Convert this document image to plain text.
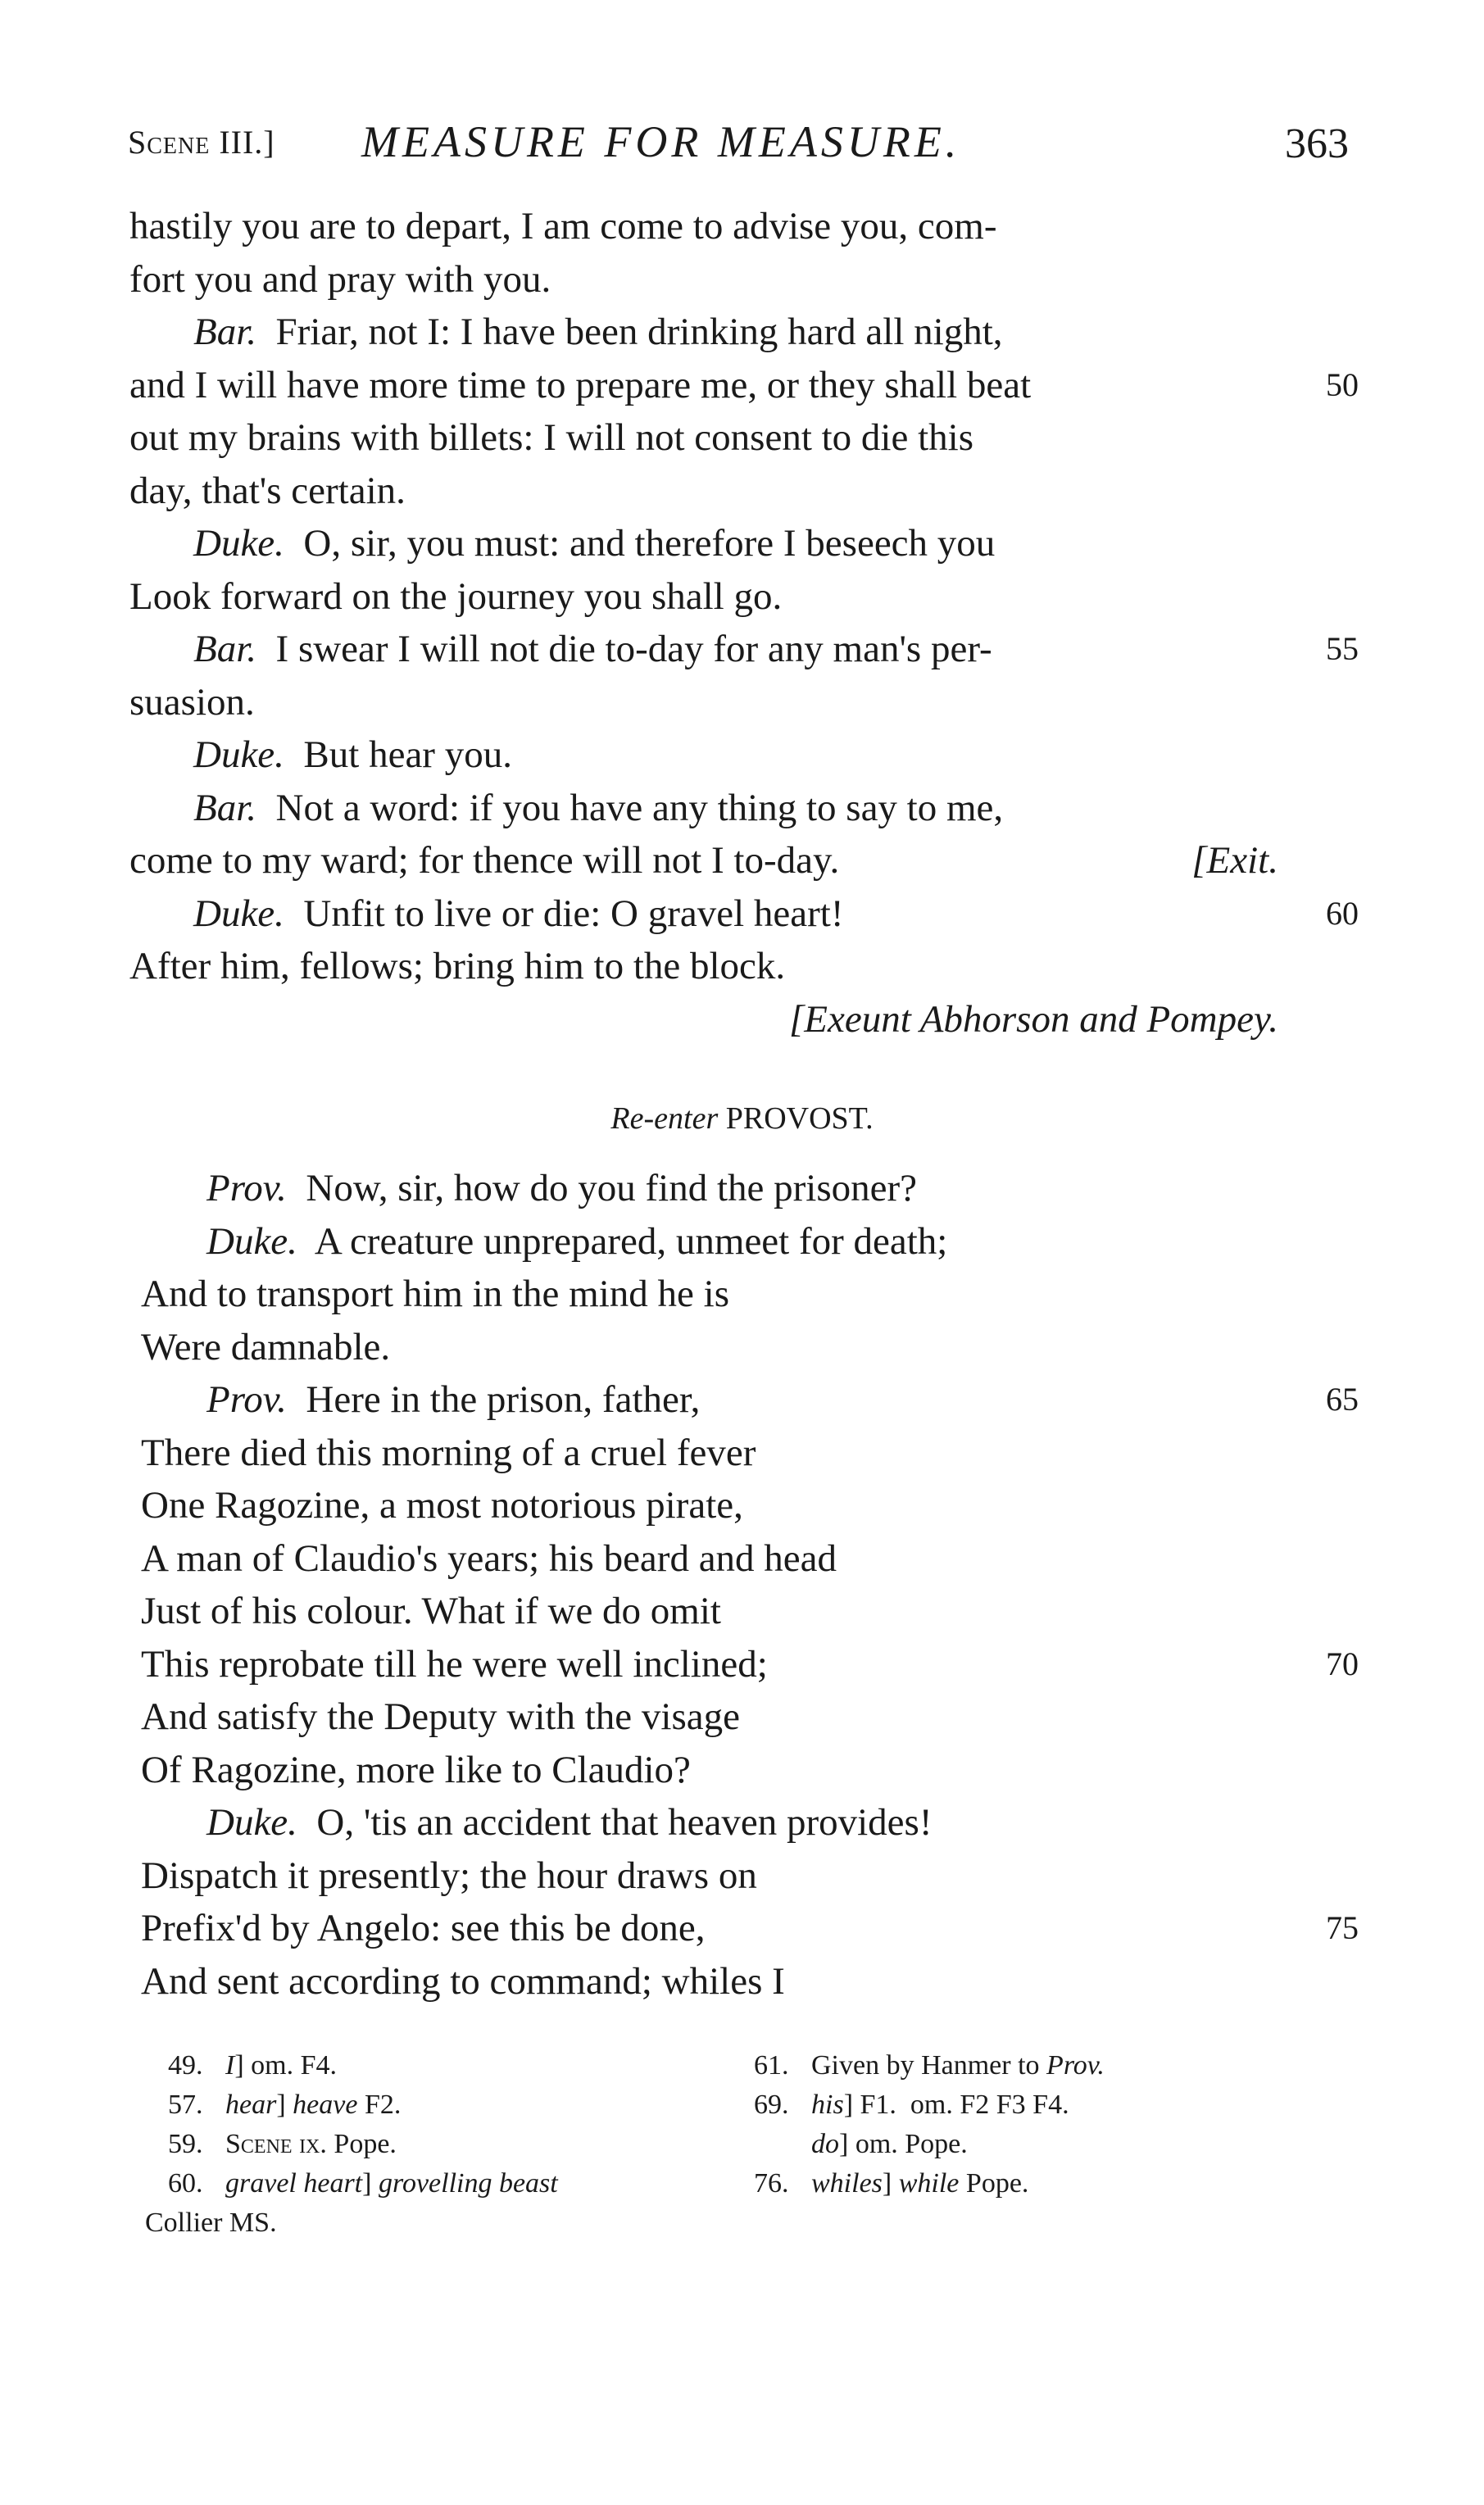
Scene III.] MEASURE FOR MEASURE.	363
hastily you are to depart, I am come to advise you, com-
fort you and pray with you.
Bar. Friar, not I: I have been drinking hard all night,
and I will have more time to prepare me, or they shall beat	50
out my brains with billets: I will not consent to die this
day, that's certain.
Duke. O, sir, you must: and therefore I beseech you
Look forward on the journey you shall go.
Bar. I swear I will not die to-day for any man's per-	55
suasion.
Duke. But hear you.
Bar. Not a word: if you have any thing to say to me,
come to my ward; for thence will not I to-day.	[Exit.
Duke. Unfit to live or die: O gravel heart!	60
After him, fellows; bring him to the block.
[Exeunt Abhorson and Pompey.
Re-enter PROVOST.
Prov. Now, sir, how do you find the prisoner?
Duke. A creature unprepared, unmeet for death;
And to transport him in the mind he is
Were damnable.
Prov. Here in the prison, father,	65
There died this morning of a cruel fever
One Ragozine, a most notorious pirate,
A man of Claudio's years; his beard and head
Just of his colour. What if we do omit
This reprobate till he were well inclined;	70
And satisfy the Deputy with the visage
Of Ragozine, more like to Claudio?
Duke. O, 'tis an accident that heaven provides!
Dispatch it presently; the hour draws on
Prefix'd by Angelo: see this be done,	75
And sent according to command; whiles I
49. I] om. F4.
57. hear] heave F2.
59. Scene ix. Pope.
60. gravel heart] grovelling beast
Collier MS.
61. Given by Hanmer to Prov.
69. his] F1.  om. F2 F3 F4.
do] om. Pope.
76. whiles] while Pope.
